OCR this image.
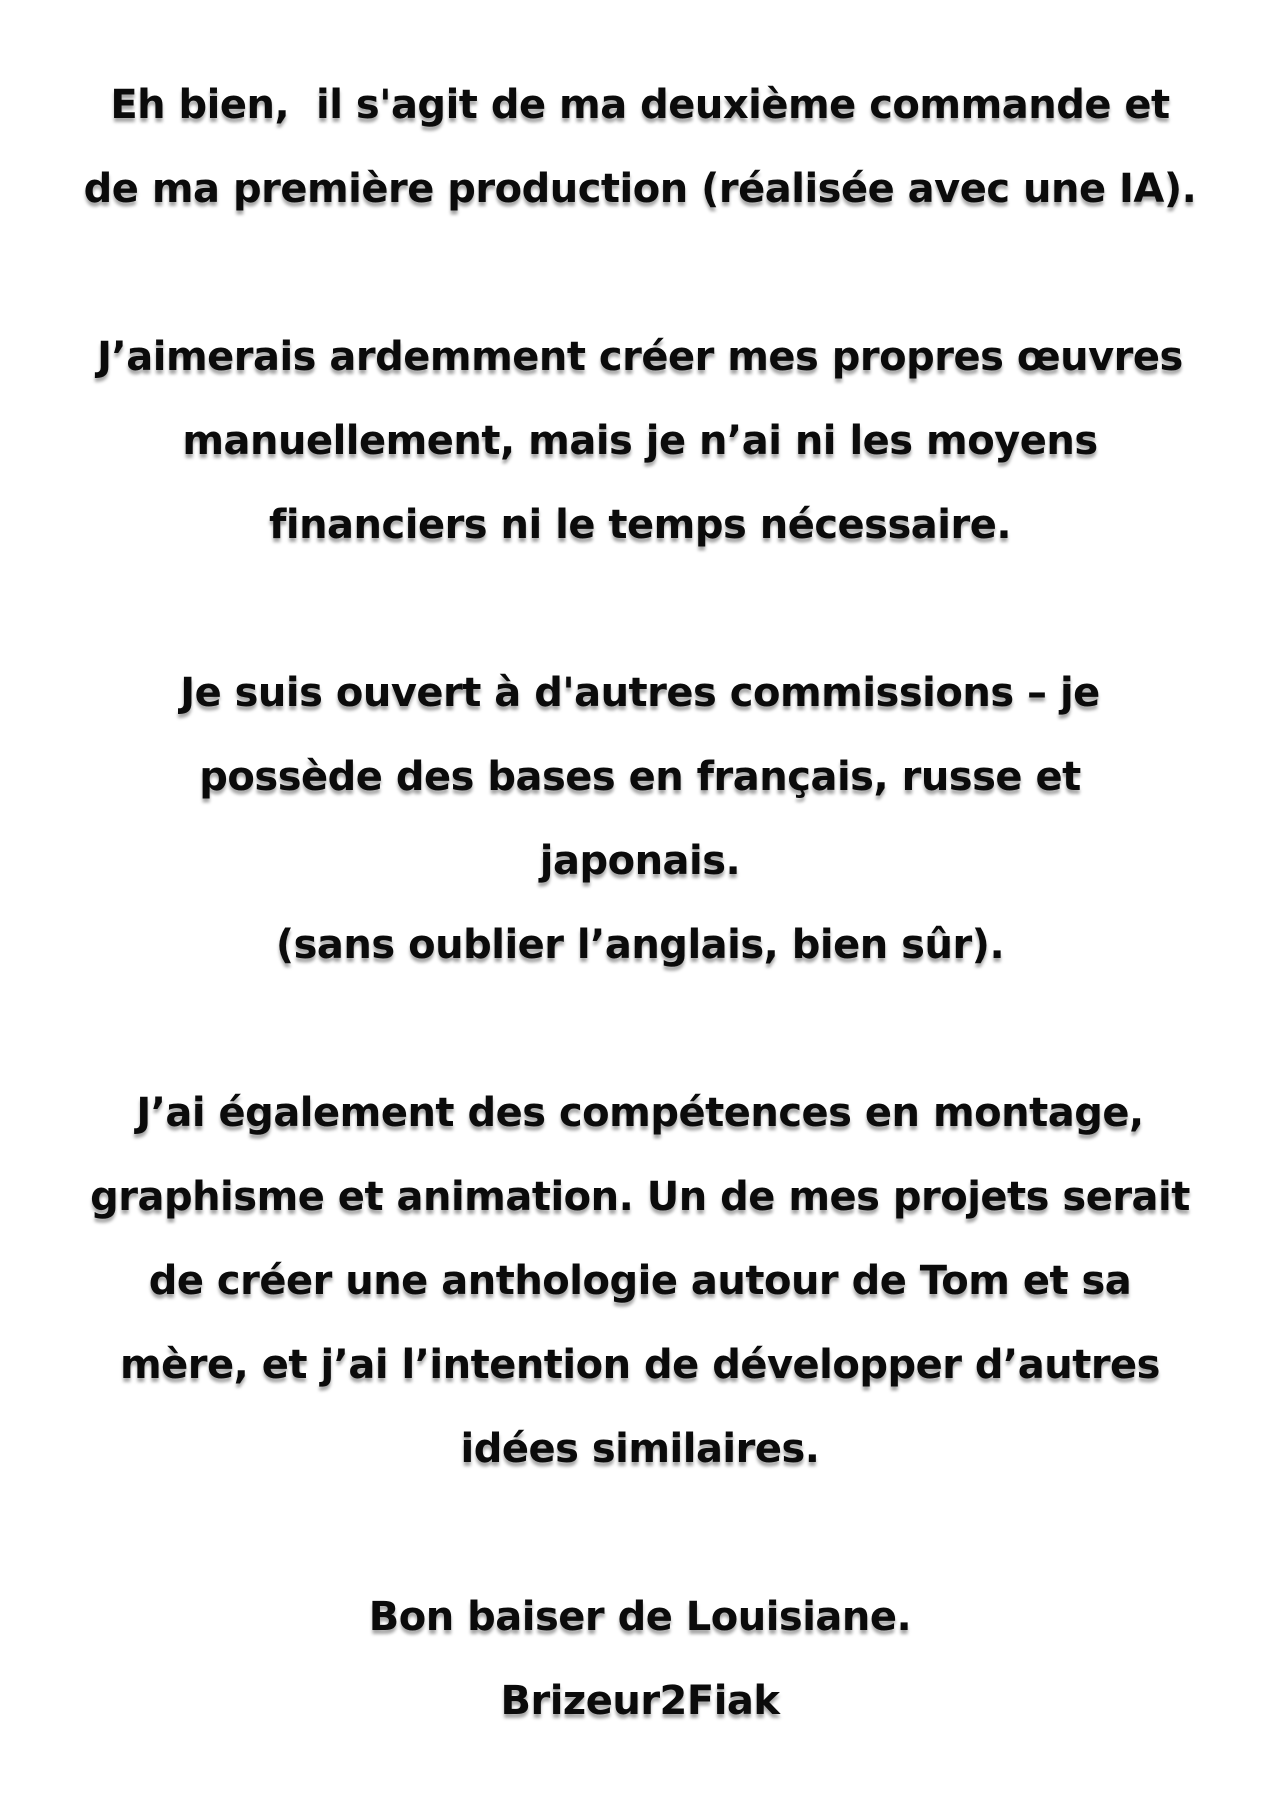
Eh bien,  il s'agit de ma deuxième commande et
de ma première production (réalisée avec une IA).
J’aimerais ardemment créer mes propres œuvres
manuellement, mais je n’ai ni les moyens
financiers ni le temps nécessaire.
Je suis ouvert à d'autres commissions – je
possède des bases en français, russe et
japonais.
(sans oublier l’anglais, bien sûr).
J’ai également des compétences en montage,
graphisme et animation. Un de mes projets serait
de créer une anthologie autour de Tom et sa
mère, et j’ai l’intention de développer d’autres
idées similaires.
Bon baiser de Louisiane.
Brizeur2Fiak
